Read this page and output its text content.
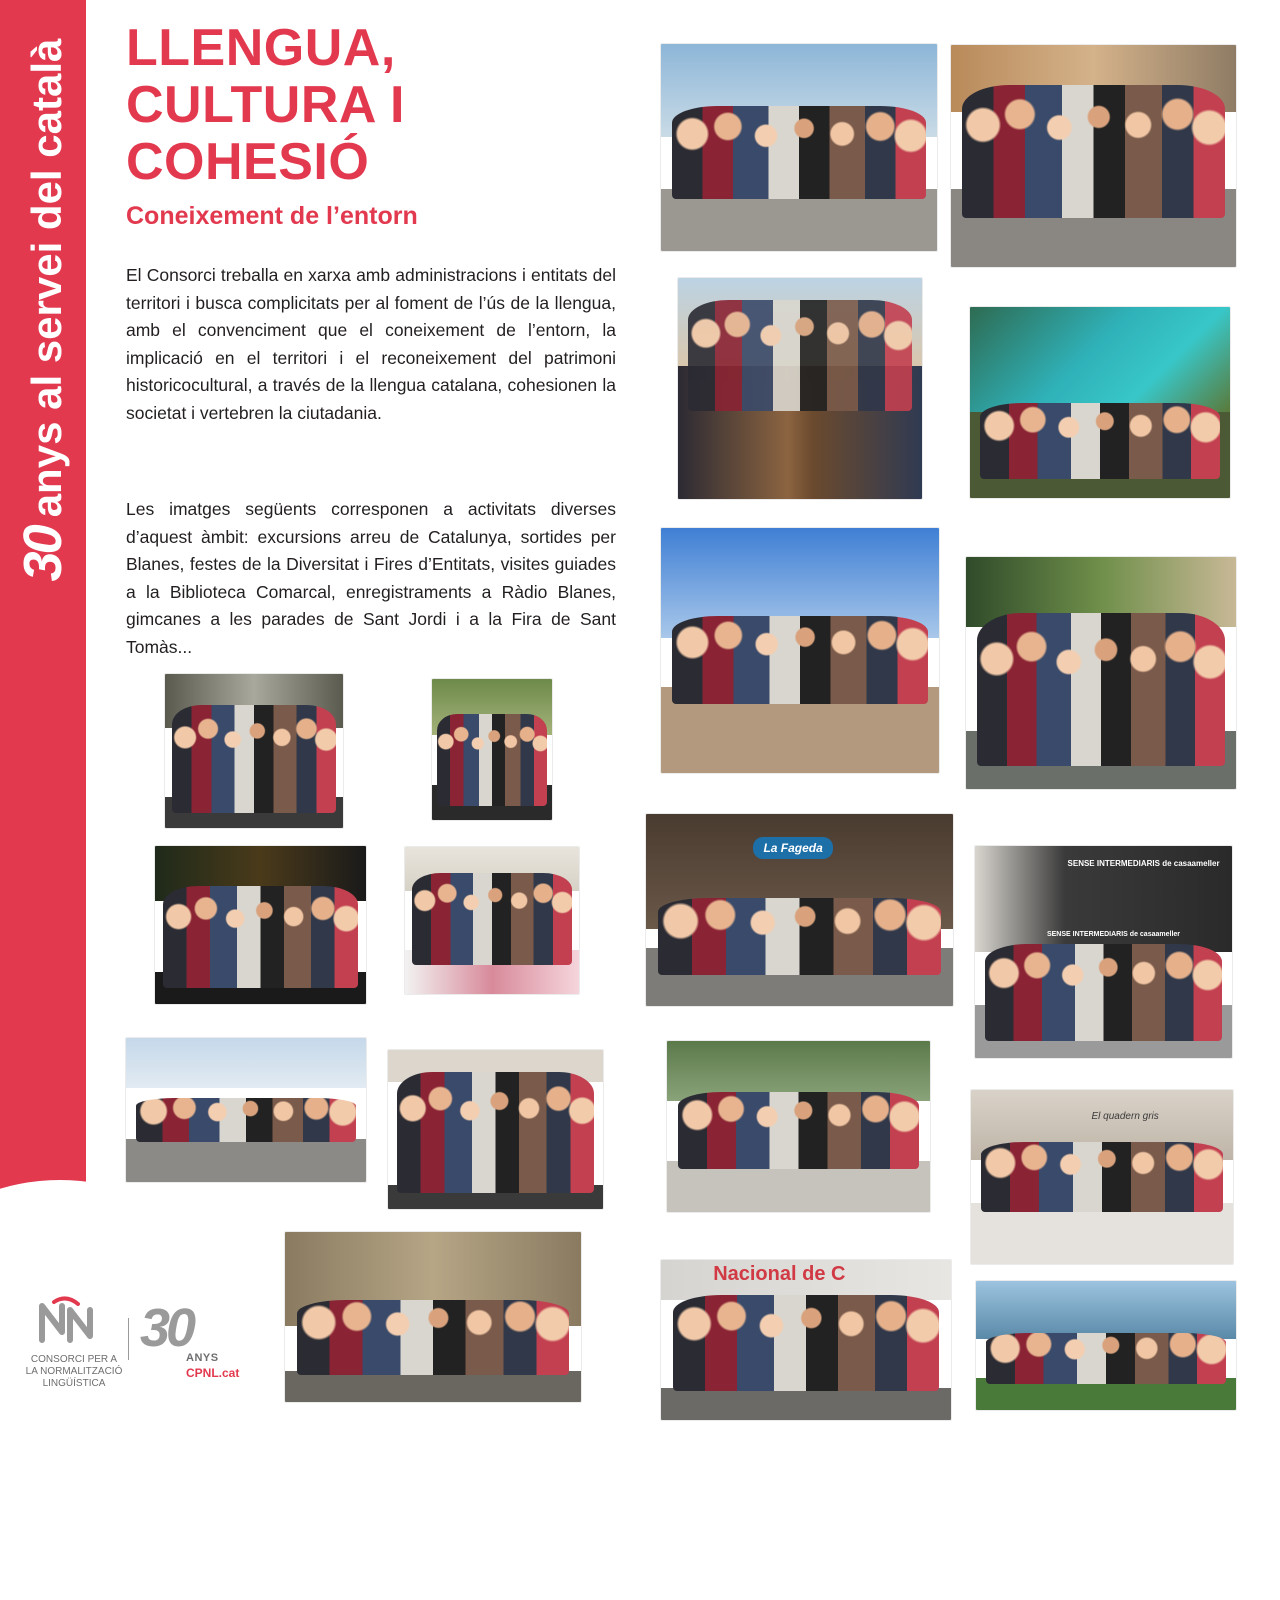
30anys al servei del català LLENGUA,
CULTURA I
COHESIÓ
Coneixement de l’entorn

El Consorci treballa en xarxa amb administracions i entitats del territori i busca complicitats per al foment de l’ús de la llengua, amb el convenciment que el coneixement de l’entorn, la implicació en el territori i el reconeixement del patrimoni historicocultural, a través de la llengua catalana, cohesionen la societat i vertebren la ciutadania.

Les imatges següents corresponen a activitats diverses d’aquest àmbit: excursions arreu de Catalunya, sortides per Blanes, festes de la Diversitat i Fires d’Entitats, visites guiades a la Biblioteca Comarcal, enregistraments a Ràdio Blanes, gimcanes a les parades de Sant Jordi i a la Fira de Sant Tomàs...

La Fageda
SENSE INTERMEDIARIS de casaameller
SENSE INTERMEDIARIS de casaameller
El quadern gris
Nacional de C

CONSORCI PER A
LA NORMALITZACIÓ
LINGÜÍSTICA

30
ANYS
CPNL.cat
